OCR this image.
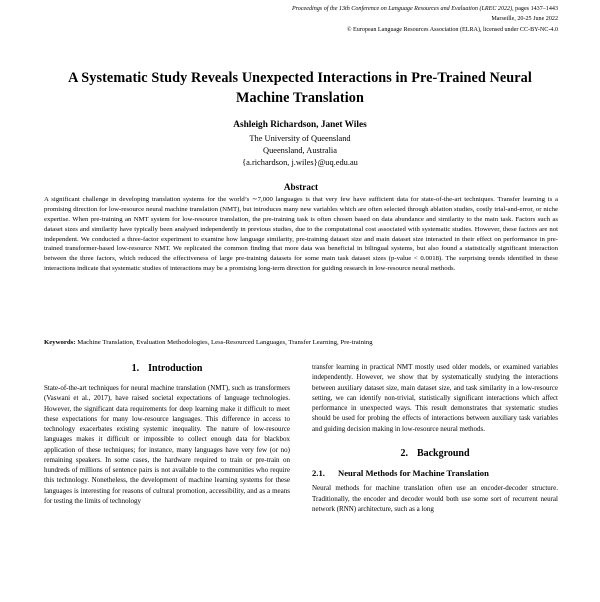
Proceedings of the 13th Conference on Language Resources and Evaluation (LREC 2022), pages 1437–1443
Marseille, 20-25 June 2022
© European Language Resources Association (ELRA), licensed under CC-BY-NC-4.0
A Systematic Study Reveals Unexpected Interactions in Pre-Trained Neural Machine Translation
Ashleigh Richardson, Janet Wiles
The University of Queensland
Queensland, Australia
{a.richardson, j.wiles}@uq.edu.au
Abstract
A significant challenge in developing translation systems for the world’s ∼7,000 languages is that very few have sufficient data for state-of-the-art techniques. Transfer learning is a promising direction for low-resource neural machine translation (NMT), but introduces many new variables which are often selected through ablation studies, costly trial-and-error, or niche expertise. When pre-training an NMT system for low-resource translation, the pre-training task is often chosen based on data abundance and similarity to the main task. Factors such as dataset sizes and similarity have typically been analysed independently in previous studies, due to the computational cost associated with systematic studies. However, these factors are not independent. We conducted a three-factor experiment to examine how language similarity, pre-training dataset size and main dataset size interacted in their effect on performance in pre-trained transformer-based low-resource NMT. We replicated the common finding that more data was beneficial in bilingual systems, but also found a statistically significant interaction between the three factors, which reduced the effectiveness of large pre-training datasets for some main task dataset sizes (p-value < 0.0018). The surprising trends identified in these interactions indicate that systematic studies of interactions may be a promising long-term direction for guiding research in low-resource neural methods.
Keywords: Machine Translation, Evaluation Methodologies, Less-Resourced Languages, Transfer Learning, Pre-training
1. Introduction

State-of-the-art techniques for neural machine translation (NMT), such as transformers (Vaswani et al., 2017), have raised societal expectations of language technologies. However, the significant data requirements for deep learning make it difficult to meet these expectations for many low-resource languages. This difference in access to technology exacerbates existing systemic inequality. The nature of low-resource languages makes it difficult or impossible to collect enough data for blackbox application of these techniques; for instance, many languages have very few (or no) remaining speakers. In some cases, the hardware required to train or pre-train on hundreds of millions of sentence pairs is not available to the communities who require this technology. Nonetheless, the development of machine learning systems for these languages is interesting for reasons of cultural promotion, accessibility, and as a means for testing the limits of technology

transfer learning in practical NMT mostly used older models, or examined variables independently. However, we show that by systematically studying the interactions between auxiliary dataset size, main dataset size, and task similarity in a low-resource setting, we can identify non-trivial, statistically significant interactions which affect performance in unexpected ways. This result demonstrates that systematic studies should be used for probing the effects of interactions between auxiliary task variables and guiding decision making in low-resource neural methods.

2. Background
2.1.	Neural Methods for Machine Translation

Neural methods for machine translation often use an encoder-decoder structure. Traditionally, the encoder and decoder would both use some sort of recurrent neural network (RNN) architecture, such as a long
